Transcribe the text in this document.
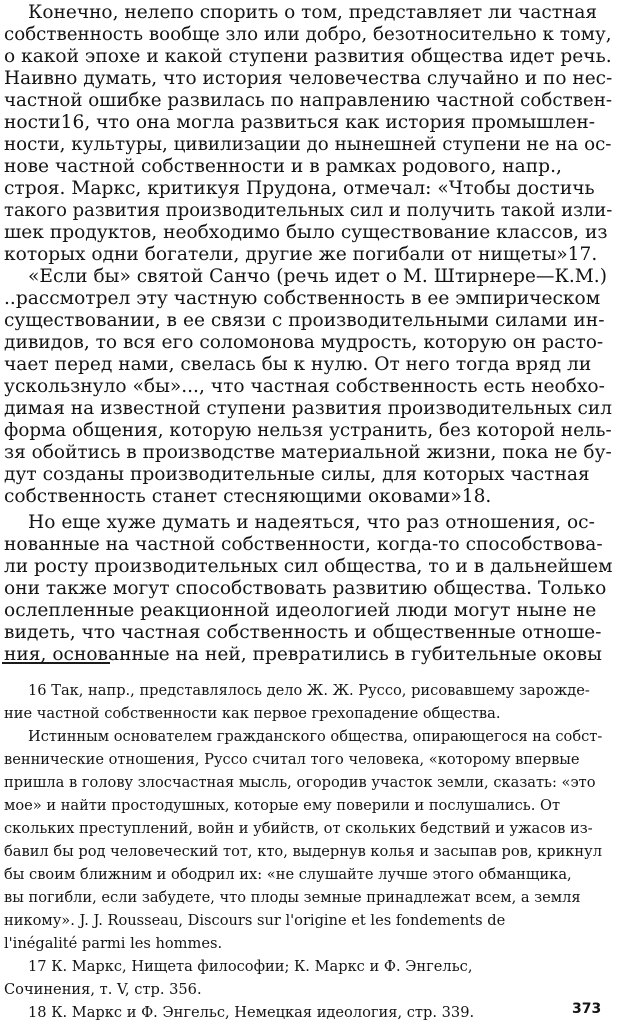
Конечно, нелепо спорить о том, представляет ли частная
собственность вообще зло или добро, безотносительно к тому,
о какой эпохе и какой ступени развития общества идет речь.
Наивно думать, что история человечества случайно и по нес-
частной ошибке развилась по направлению частной собствен-
ности16, что она могла развиться как история промышлен-
ности, культуры, цивилизации до нынешней ступени не на ос-
нове частной собственности и в рамках родового, напр.,
строя. Маркс, критикуя Прудона, отмечал: «Чтобы достичь
такого развития производительных сил и получить такой изли-
шек продуктов, необходимо было существование классов, из
которых одни богатели, другие же погибали от нищеты»17.
«Если бы» святой Санчо (речь идет о М. Штирнере—К.М.)
..рассмотрел эту частную собственность в ее эмпирическом
существовании, в ее связи с производительными силами ин-
дивидов, то вся его соломонова мудрость, которую он расто-
чает перед нами, свелась бы к нулю. От него тогда вряд ли
ускользнуло «бы»..., что частная собственность есть необхо-
димая на известной ступени развития производительных сил
форма общения, которую нельзя устранить, без которой нель-
зя обойтись в производстве материальной жизни, пока не бу-
дут созданы производительные силы, для которых частная
собственность станет стесняющими оковами»18.
Но еще хуже думать и надеяться, что раз отношения, ос-
нованные на частной собственности, когда-то способствова-
ли росту производительных сил общества, то и в дальнейшем
они также могут способствовать развитию общества. Только
ослепленные реакционной идеологией люди могут ныне не
видеть, что частная собственность и общественные отноше-
ния, основанные на ней, превратились в губительные оковы
16 Так, напр., представлялось дело Ж. Ж. Руссо, рисовавшему зарожде-
ние частной собственности как первое грехопадение общества.
Истинным основателем гражданского общества, опирающегося на собст-
веннические отношения, Руссо считал того человека, «которому впервые
пришла в голову злосчастная мысль, огородив участок земли, сказать: «это
мое» и найти простодушных, которые ему поверили и послушались. От
скольких преступлений, войн и убийств, от скольких бедствий и ужасов из-
бавил бы род человеческий тот, кто, выдернув колья и засыпав ров, крикнул
бы своим ближним и ободрил их: «не слушайте лучше этого обманщика,
вы погибли, если забудете, что плоды земные принадлежат всем, а земля
никому». J. J. Rousseau, Discours sur l'origine et les fondements de
l'inégalité parmi les hommes.
17 К. Маркс, Нищета философии; К. Маркс и Ф. Энгельс,
Сочинения, т. V, стр. 356.
18 К. Маркс и Ф. Энгельс, Немецкая идеология, стр. 339.	373
